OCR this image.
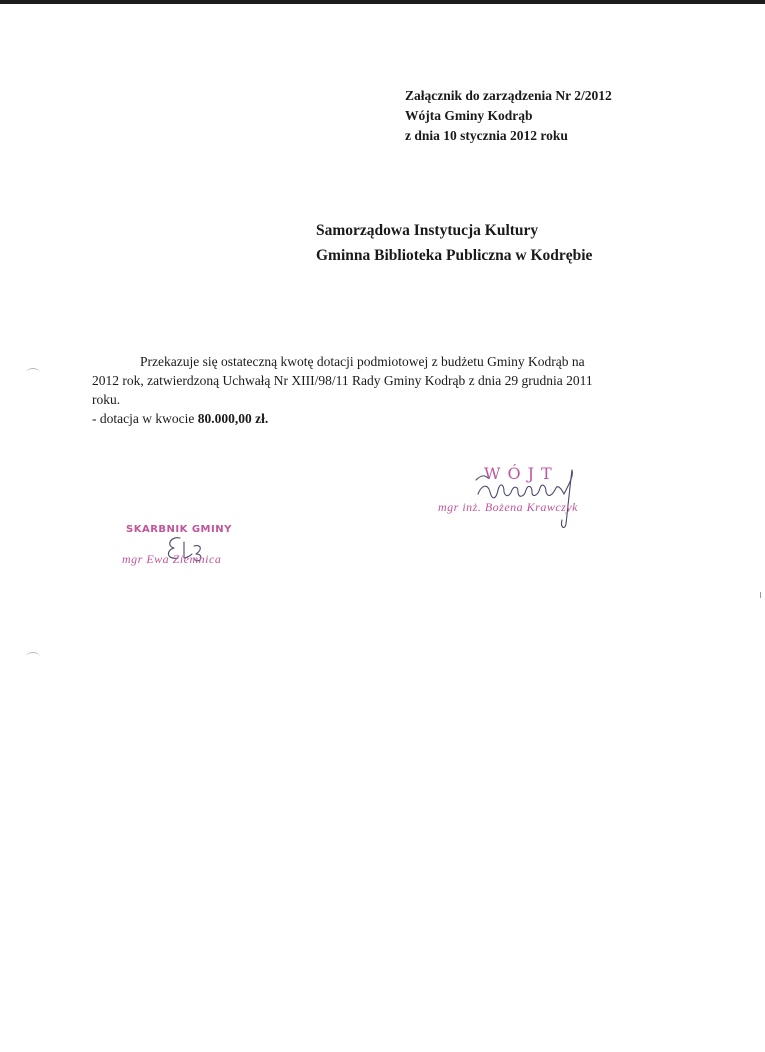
Załącznik do zarządzenia Nr 2/2012
Wójta Gminy Kodrąb
z dnia 10 stycznia 2012 roku
Samorządowa Instytucja Kultury
Gminna Biblioteka Publiczna w Kodrębie
Przekazuje się ostateczną kwotę dotacji podmiotowej z budżetu Gminy Kodrąb na
2012 rok, zatwierdzoną Uchwałą Nr XIII/98/11 Rady Gminy Kodrąb z dnia 29 grudnia 2011
roku.
- dotacja w kwocie 80.000,00 zł.
WÓJT
mgr inż. Bożena Krawczyk
SKARBNIK GMINY
mgr Ewa Ziemnica
